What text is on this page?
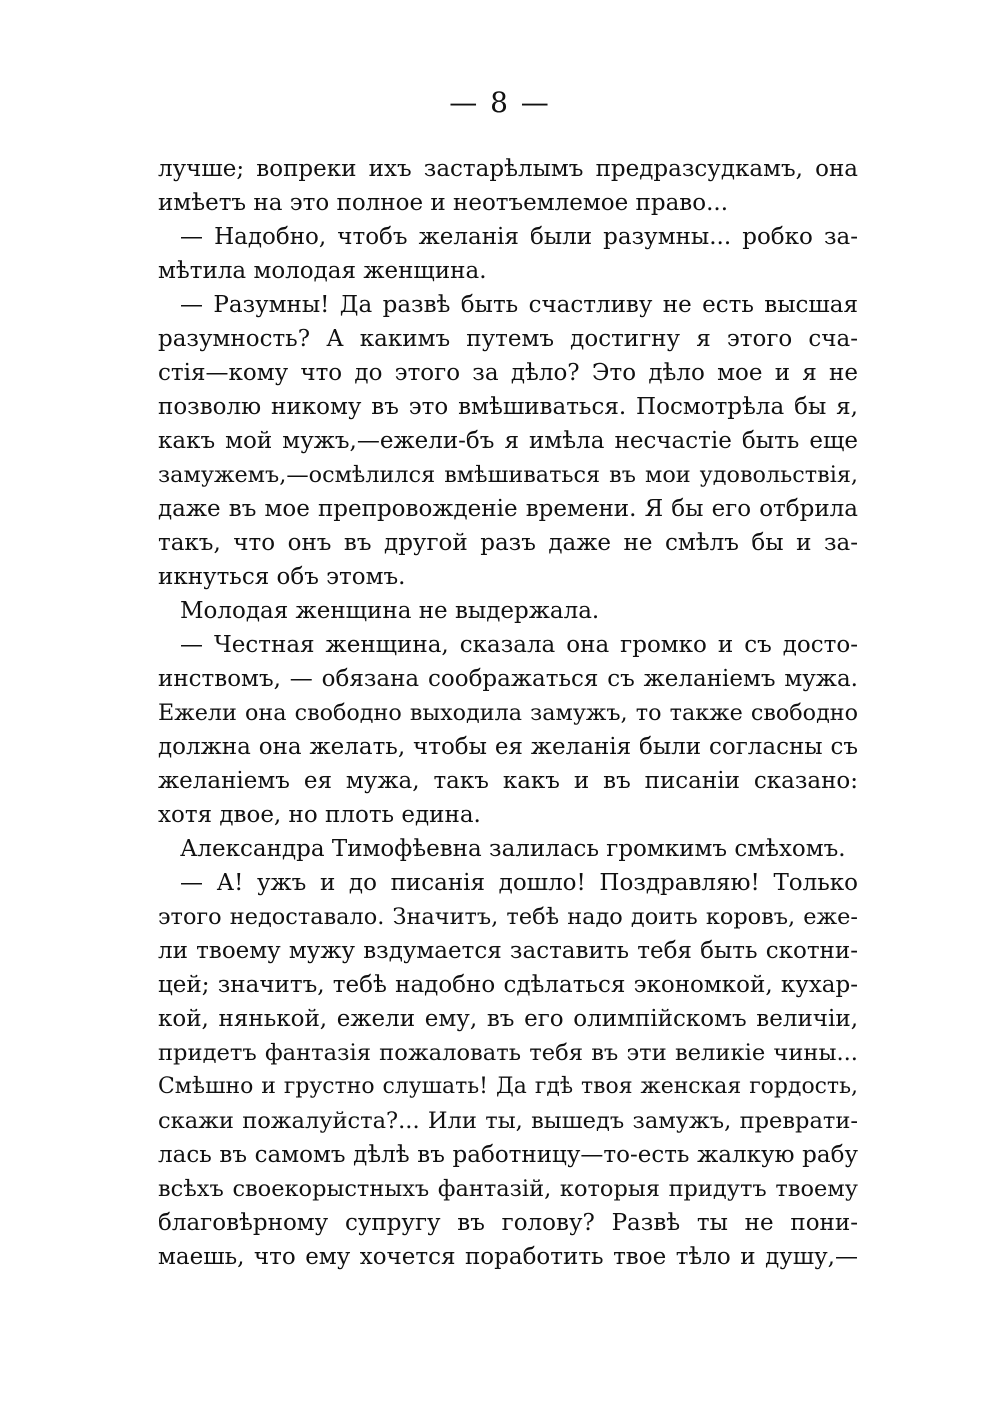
— 8 —
лучше; вопреки ихъ застарѣлымъ предразсудкамъ, она
имѣетъ на это полное и неотъемлемое право...
— Надобно, чтобъ желанія были разумны... робко за-
мѣтила молодая женщина.
— Разумны! Да развѣ быть счастливу не есть высшая
разумность? А какимъ путемъ достигну я этого сча-
стія—кому что до этого за дѣло? Это дѣло мое и я не
позволю никому въ это вмѣшиваться. Посмотрѣла бы я,
какъ мой мужъ,—ежели-бъ я имѣла несчастіе быть еще
замужемъ,—осмѣлился вмѣшиваться въ мои удовольствія,
даже въ мое препровожденіе времени. Я бы его отбрила
такъ, что онъ въ другой разъ даже не смѣлъ бы и за-
икнуться объ этомъ.
Молодая женщина не выдержала.
— Честная женщина, сказала она громко и съ досто-
инствомъ, — обязана соображаться съ желаніемъ мужа.
Ежели она свободно выходила замужъ, то также свободно
должна она желать, чтобы ея желанія были согласны съ
желаніемъ ея мужа, такъ какъ и въ писаніи сказано:
хотя двое, но плоть едина.
Александра Тимофѣевна залилась громкимъ смѣхомъ.
— А! ужъ и до писанія дошло! Поздравляю! Только
этого недоставало. Значитъ, тебѣ надо доить коровъ, еже-
ли твоему мужу вздумается заставить тебя быть скотни-
цей; значитъ, тебѣ надобно сдѣлаться экономкой, кухар-
кой, нянькой, ежели ему, въ его олимпійскомъ величіи,
придетъ фантазія пожаловать тебя въ эти великіе чины...
Смѣшно и грустно слушать! Да гдѣ твоя женская гордость,
скажи пожалуйста?... Или ты, вышедъ замужъ, преврати-
лась въ самомъ дѣлѣ въ работницу—то-есть жалкую рабу
всѣхъ своекорыстныхъ фантазій, которыя придутъ твоему
благовѣрному супругу въ голову? Развѣ ты не пони-
маешь, что ему хочется поработить твое тѣло и душу,—
